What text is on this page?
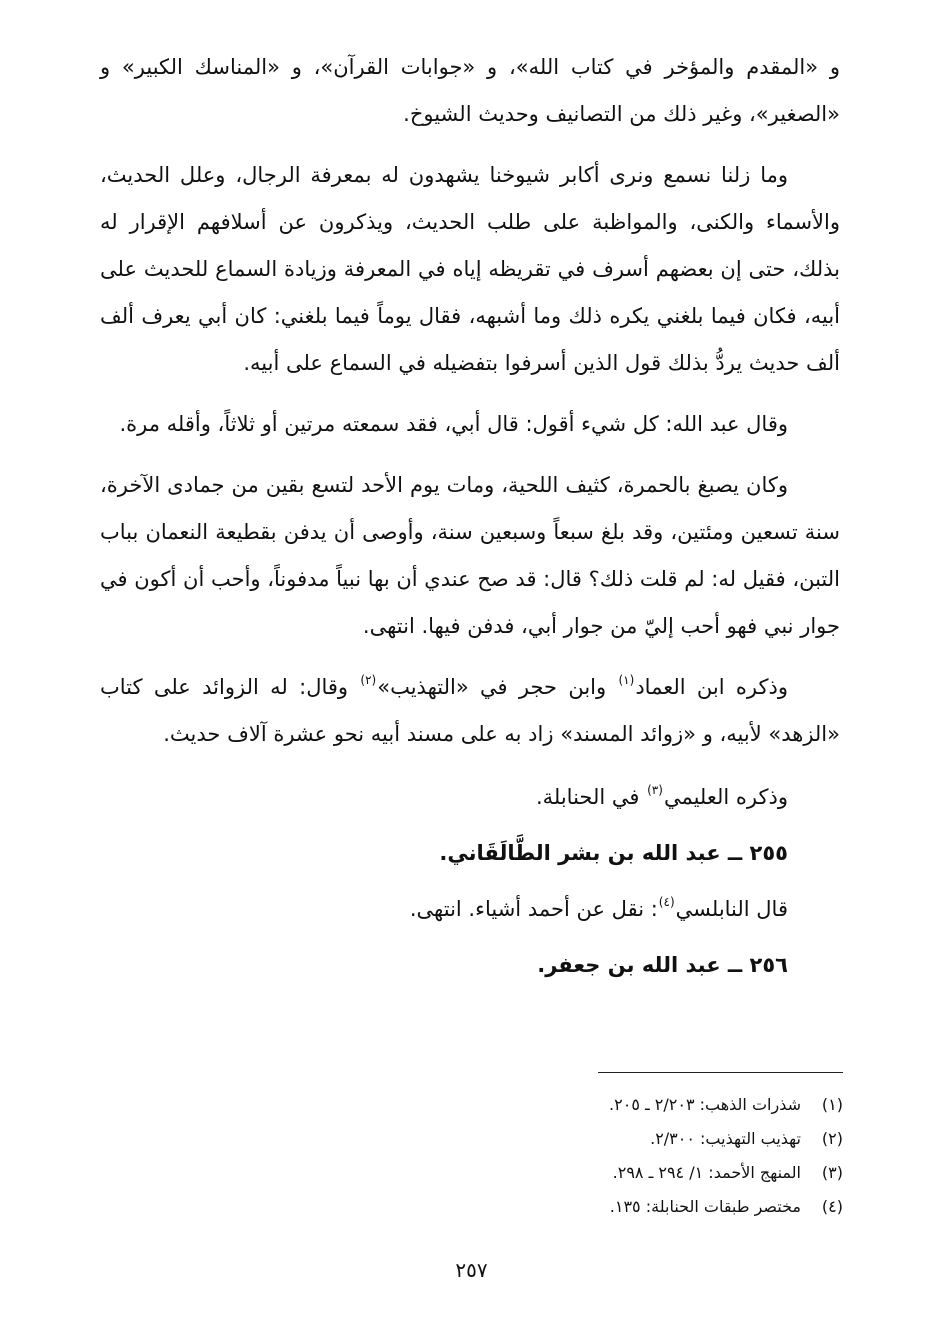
و «المقدم والمؤخر في كتاب الله»، و «جوابات القرآن»، و «المناسك الكبير» و «الصغير»، وغير ذلك من التصانيف وحديث الشيوخ.

وما زلنا نسمع ونرى أكابر شيوخنا يشهدون له بمعرفة الرجال، وعلل الحديث، والأسماء والكنى، والمواظبة على طلب الحديث، ويذكرون عن أسلافهم الإقرار له بذلك، حتى إن بعضهم أسرف في تقريظه إياه في المعرفة وزيادة السماع للحديث على أبيه، فكان فيما بلغني يكره ذلك وما أشبهه، فقال يوماً فيما بلغني: كان أبي يعرف ألف ألف حديث يردُّ بذلك قول الذين أسرفوا بتفضيله في السماع على أبيه.

وقال عبد الله: كل شيء أقول: قال أبي، فقد سمعته مرتين أو ثلاثاً، وأقله مرة.

وكان يصبغ بالحمرة، كثيف اللحية، ومات يوم الأحد لتسع بقين من جمادى الآخرة، سنة تسعين ومئتين، وقد بلغ سبعاً وسبعين سنة، وأوصى أن يدفن بقطيعة النعمان بباب التبن، فقيل له: لم قلت ذلك؟ قال: قد صح عندي أن بها نبياً مدفوناً، وأحب أن أكون في جوار نبي فهو أحب إليّ من جوار أبي، فدفن فيها. انتهى.

وذكره ابن العماد$^{(١)}$ وابن حجر في «التهذيب»$^{(٢)}$ وقال: له الزوائد على كتاب «الزهد» لأبيه، و «زوائد المسند» زاد به على مسند أبيه نحو عشرة آلاف حديث.

وذكره العليمي$^{(٣)}$ في الحنابلة.

٢٥٥ ــ عبد الله بن بشر الطَّالَقَاني.

قال النابلسي$^{(٤)}$: نقل عن أحمد أشياء. انتهى.

٢٥٦ ــ عبد الله بن جعفر.

(١)شذرات الذهب: ٢/٢٠٣ ـ ٢٠٥.
(٢)تهذيب التهذيب: ٢/٣٠٠.
(٣)المنهج الأحمد: ١/ ٢٩٤ ـ ٢٩٨.
(٤)مختصر طبقات الحنابلة: ١٣٥.
٢٥٧
